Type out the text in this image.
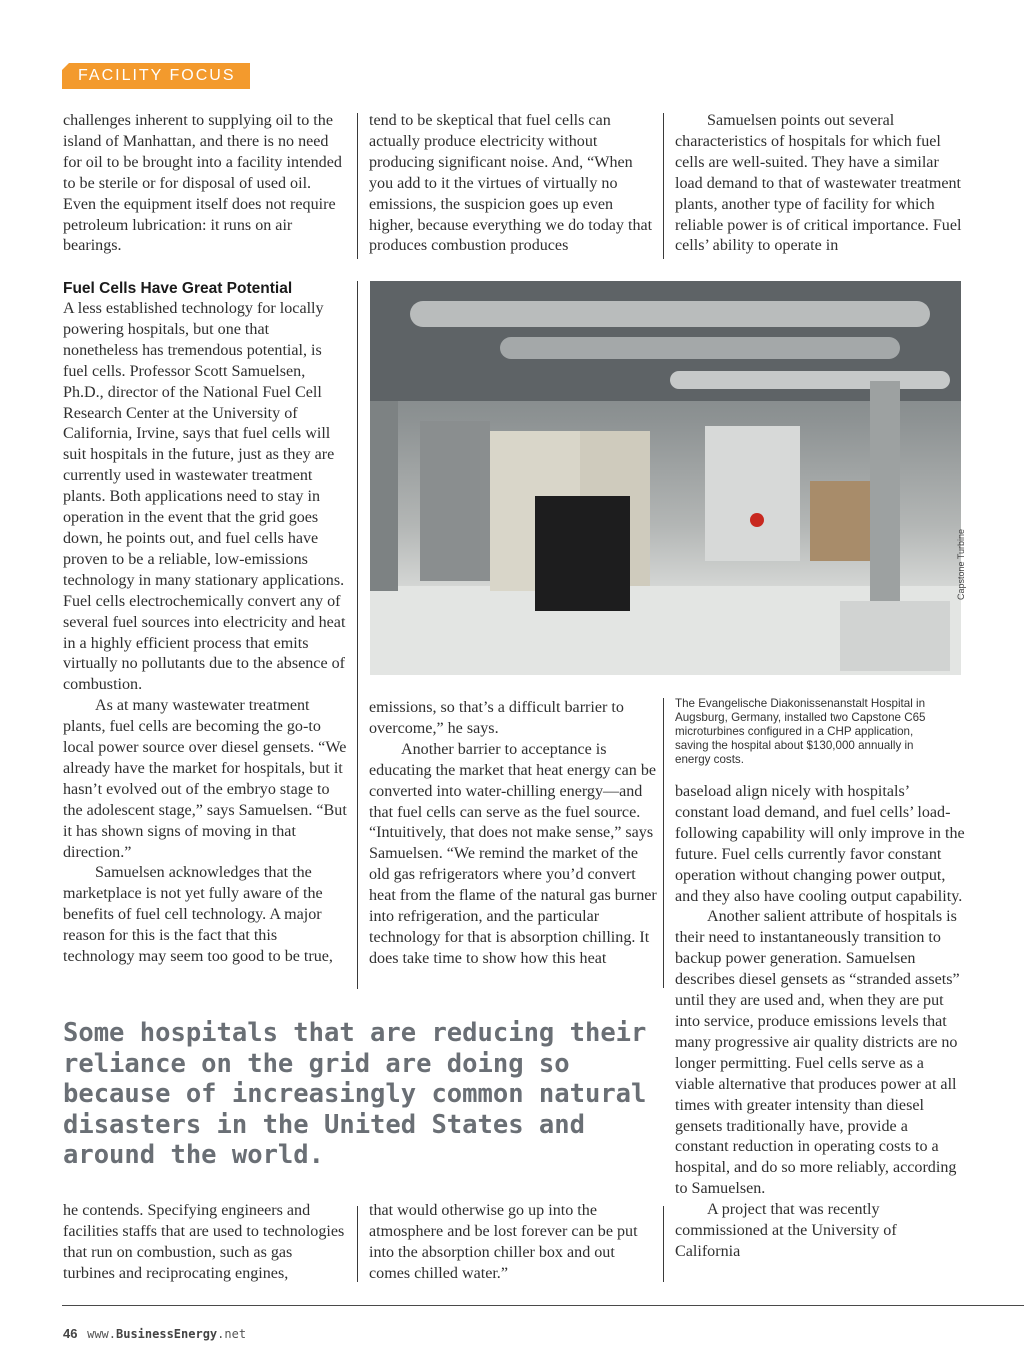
FACILITY FOCUS

challenges inherent to supplying oil to the island of Manhattan, and there is no need for oil to be brought into a facility intended to be sterile or for disposal of used oil. Even the equipment itself does not require petroleum lubrication: it runs on air bearings.

tend to be skeptical that fuel cells can actually produce electricity without producing significant noise. And, “When you add to it the virtues of virtually no emissions, the suspicion goes up even higher, because everything we do today that produces combustion produces

Samuelsen points out several characteristics of hospitals for which fuel cells are well-suited. They have a similar load demand to that of wastewater treatment plants, another type of facility for which reliable power is of critical importance. Fuel cells’ ability to operate in

Fuel Cells Have Great Potential

A less established technology for locally powering hospitals, but one that nonetheless has tremendous potential, is fuel cells. Professor Scott Samuelsen, Ph.D., director of the National Fuel Cell Research Center at the University of California, Irvine, says that fuel cells will suit hospitals in the future, just as they are currently used in wastewater treatment plants. Both applications need to stay in operation in the event that the grid goes down, he points out, and fuel cells have proven to be a reliable, low-emissions technology in many stationary applications. Fuel cells electrochemically convert any of several fuel sources into electricity and heat in a highly efficient process that emits virtually no pollutants due to the absence of combustion.

As at many wastewater treatment plants, fuel cells are becoming the go-to local power source over diesel gensets. “We already have the market for hospitals, but it hasn’t evolved out of the embryo stage to the adolescent stage,” says Samuelsen. “But it has shown signs of moving in that direction.”

Samuelsen acknowledges that the marketplace is not yet fully aware of the benefits of fuel cell technology. A major reason for this is the fact that this technology may seem too good to be true,

Capstone Turbine

emissions, so that’s a difficult barrier to overcome,” he says.

Another barrier to acceptance is educating the market that heat energy can be converted into water-chilling energy—and that fuel cells can serve as the fuel source. “Intuitively, that does not make sense,” says Samuelsen. “We remind the market of the old gas refrigerators where you’d convert heat from the flame of the natural gas burner into refrigeration, and the particular technology for that is absorption chilling. It does take time to show how this heat

The Evangelische Diakonissenanstalt Hospital in Augsburg, Germany, installed two Capstone C65 microturbines configured in a CHP application, saving the hospital about $130,000 annually in energy costs.

baseload align nicely with hospitals’ constant load demand, and fuel cells’ load-following capability will only improve in the future. Fuel cells currently favor constant operation without changing power output, and they also have cooling output capability.

Another salient attribute of hospitals is their need to instantaneously transition to backup power generation. Samuelsen describes diesel gensets as “stranded assets” until they are used and, when they are put into service, produce emissions levels that many progressive air quality districts are no longer permitting. Fuel cells serve as a viable alternative that produces power at all times with greater intensity than diesel gensets traditionally have, provide a constant reduction in operating costs to a hospital, and do so more reliably, according to Samuelsen.

A project that was recently commissioned at the University of California

Some hospitals that are reducing their reliance on the grid are doing so because of increasingly common natural disasters in the United States and around the world.

he contends. Specifying engineers and facilities staffs that are used to technologies that run on combustion, such as gas turbines and reciprocating engines,

that would otherwise go up into the atmosphere and be lost forever can be put into the absorption chiller box and out comes chilled water.”

46 www.BusinessEnergy.net
